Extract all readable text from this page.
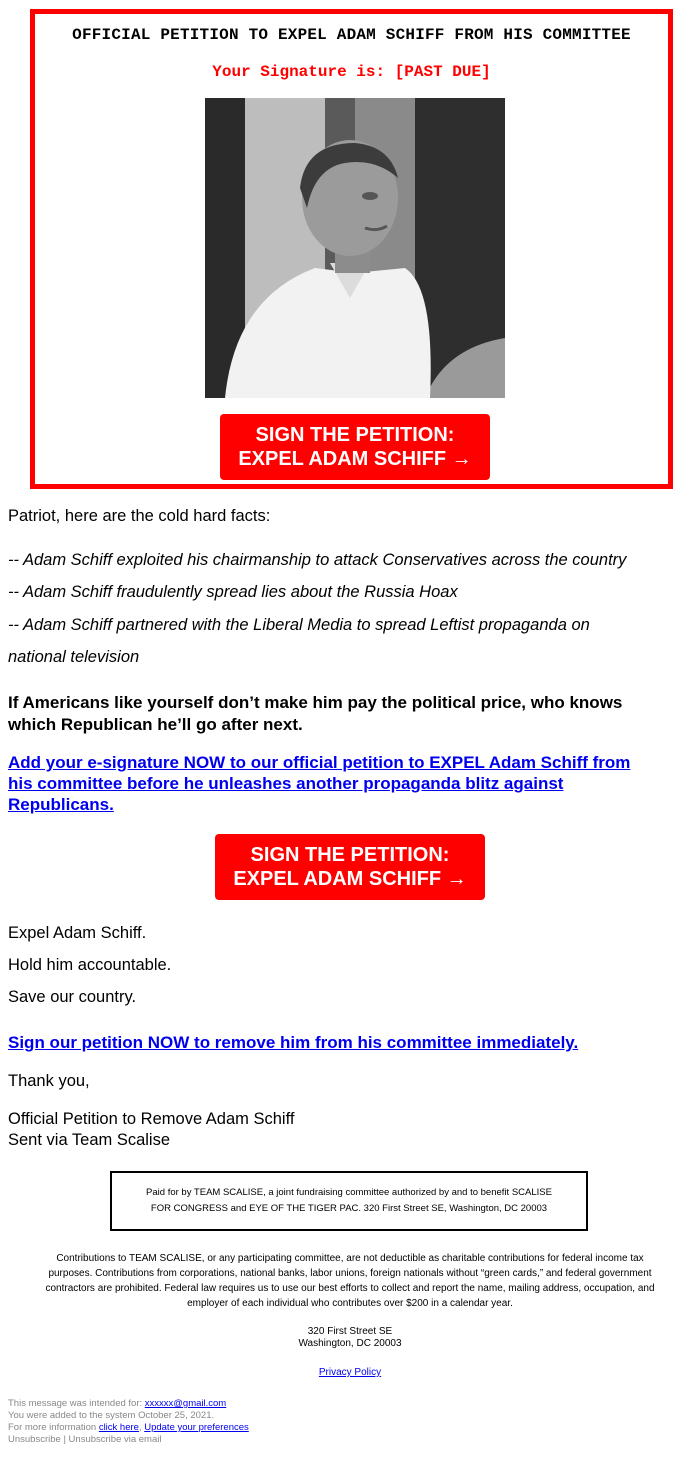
OFFICIAL PETITION TO EXPEL ADAM SCHIFF FROM HIS COMMITTEE
Your Signature is: [PAST DUE]
SIGN THE PETITION:
EXPEL ADAM SCHIFF →
Patriot, here are the cold hard facts:
-- Adam Schiff exploited his chairmanship to attack Conservatives across the country
-- Adam Schiff fraudulently spread lies about the Russia Hoax
-- Adam Schiff partnered with the Liberal Media to spread Leftist propaganda on
national television
If Americans like yourself don’t make him pay the political price, who knows
which Republican he’ll go after next.
Add your e-signature NOW to our official petition to EXPEL Adam Schiff from
his committee before he unleashes another propaganda blitz against
Republicans.
SIGN THE PETITION:
EXPEL ADAM SCHIFF →
Expel Adam Schiff.
Hold him accountable.
Save our country.
Sign our petition NOW to remove him from his committee immediately.
Thank you,
Official Petition to Remove Adam Schiff
Sent via Team Scalise
Paid for by TEAM SCALISE, a joint fundraising committee authorized by and to benefit SCALISE
FOR CONGRESS and EYE OF THE TIGER PAC. 320 First Street SE, Washington, DC 20003
Contributions to TEAM SCALISE, or any participating committee, are not deductible as charitable contributions for federal income tax
purposes. Contributions from corporations, national banks, labor unions, foreign nationals without “green cards,” and federal government
contractors are prohibited. Federal law requires us to use our best efforts to collect and report the name, mailing address, occupation, and
employer of each individual who contributes over $200 in a calendar year.
320 First Street SE
Washington, DC 20003
Privacy Policy
This message was intended for: xxxxxx@gmail.com
You were added to the system October 25, 2021.
For more information click here, Update your preferences
Unsubscribe | Unsubscribe via email
